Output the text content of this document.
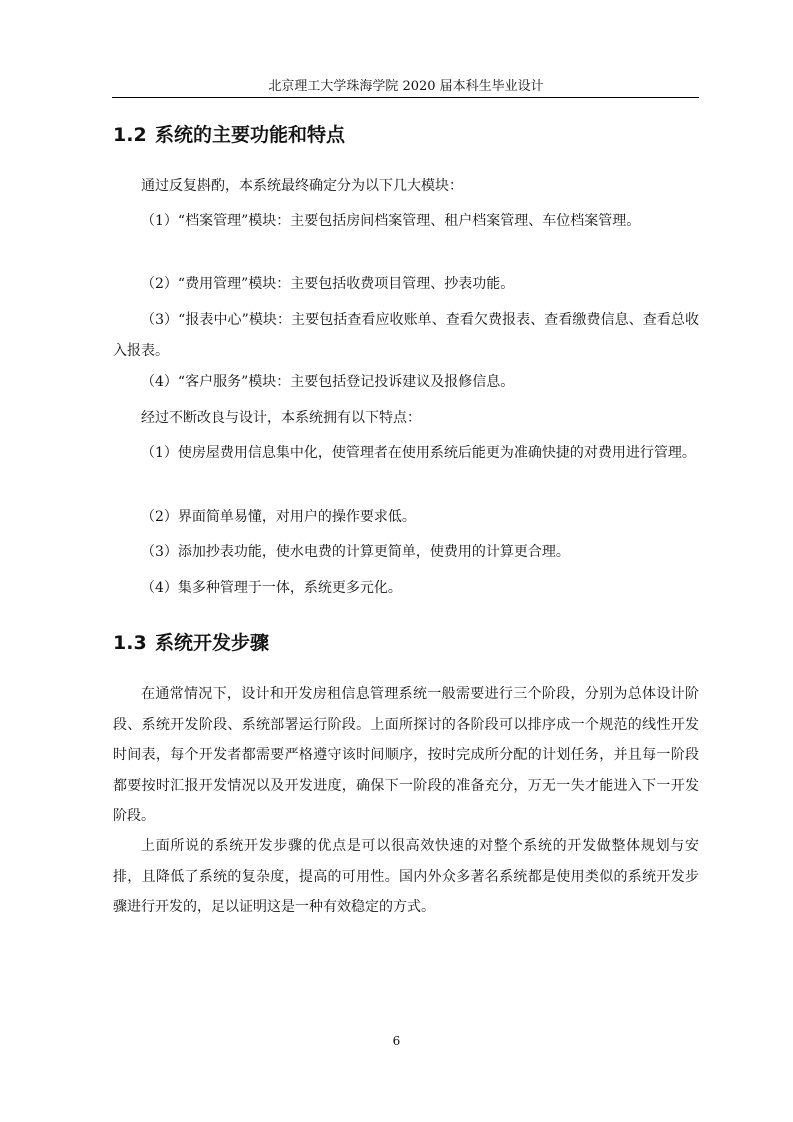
北京理工大学珠海学院 2020 届本科生毕业设计
1.2 系统的主要功能和特点

通过反复斟酌，本系统最终确定分为以下几大模块：

（1）“档案管理”模块：主要包括房间档案管理、租户档案管理、车位档案管理。

（2）“费用管理”模块：主要包括收费项目管理、抄表功能。

（3）“报表中心”模块：主要包括查看应收账单、查看欠费报表、查看缴费信息、查看总收入报表。

（4）“客户服务”模块：主要包括登记投诉建议及报修信息。

经过不断改良与设计，本系统拥有以下特点：

（1）使房屋费用信息集中化，使管理者在使用系统后能更为准确快捷的对费用进行管理。

（2）界面简单易懂，对用户的操作要求低。

（3）添加抄表功能，使水电费的计算更简单，使费用的计算更合理。

（4）集多种管理于一体，系统更多元化。

1.3 系统开发步骤

在通常情况下，设计和开发房租信息管理系统一般需要进行三个阶段，分别为总体设计阶段、系统开发阶段、系统部署运行阶段。上面所探讨的各阶段可以排序成一个规范的线性开发时间表，每个开发者都需要严格遵守该时间顺序，按时完成所分配的计划任务，并且每一阶段都要按时汇报开发情况以及开发进度，确保下一阶段的准备充分，万无一失才能进入下一开发阶段。

上面所说的系统开发步骤的优点是可以很高效快速的对整个系统的开发做整体规划与安排，且降低了系统的复杂度，提高的可用性。国内外众多著名系统都是使用类似的系统开发步骤进行开发的，足以证明这是一种有效稳定的方式。

6
